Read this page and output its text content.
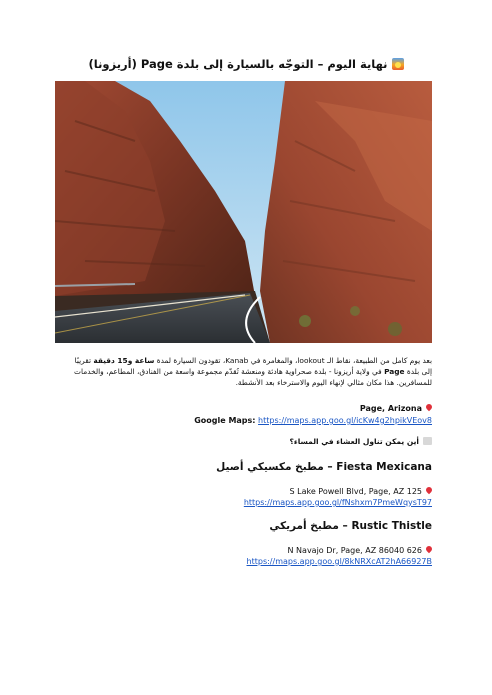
نهاية اليوم – التوجّه بالسيارة إلى بلدة Page (أريزونا)
بعد يوم كامل من الطبيعة، نقاط الـ lookout، والمغامرة في Kanab، تقودون السيارة لمدة ساعة و15 دقيقة تقريبًا إلى بلدة Page في ولاية أريزونا - بلدة صحراوية هادئة ومنعشة تُقدّم مجموعة واسعة من الفنادق، المطاعم، والخدمات للمسافرين. هذا مكان مثالي لإنهاء اليوم والاسترخاء بعد الأنشطة.
Page, Arizona
Google Maps: https://maps.app.goo.gl/icKw4g2hpikVEov8
أين يمكن تناول العشاء في المساء؟
Fiesta Mexicana – مطبخ مكسيكي أصيل
S Lake Powell Blvd, Page, AZ 125
https://maps.app.goo.gl/fNshxm7PmeWqysT97
Rustic Thistle – مطبخ أمريكي
N Navajo Dr, Page, AZ 86040 626
https://maps.app.goo.gl/8kNRXcAT2hA66927B
